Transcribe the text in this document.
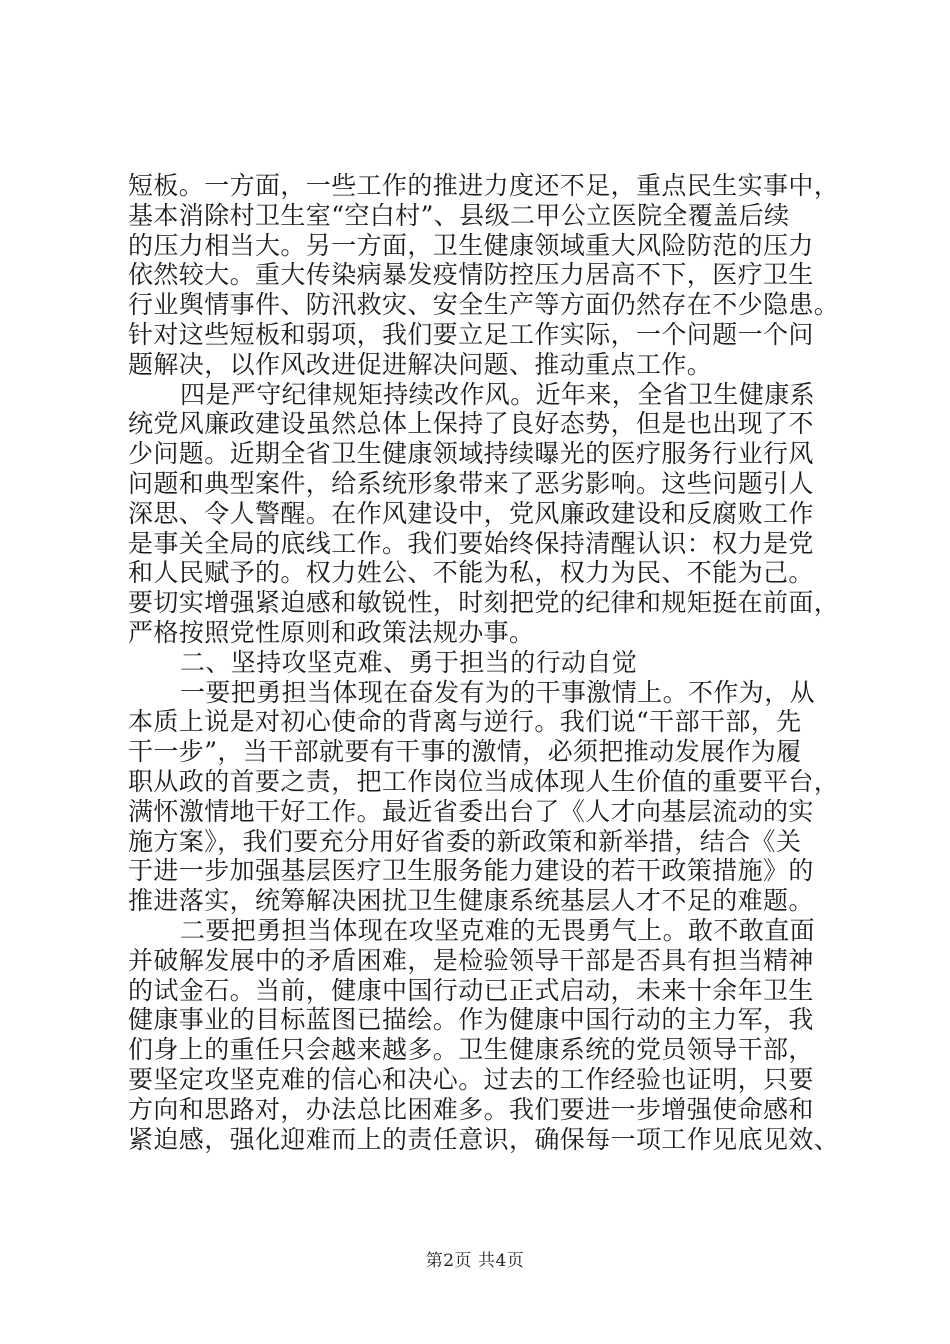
短板。一方面，一些工作的推进力度还不足，重点民生实事中，
基本消除村卫生室“空白村”、县级二甲公立医院全覆盖后续
的压力相当大。另一方面，卫生健康领域重大风险防范的压力
依然较大。重大传染病暴发疫情防控压力居高不下，医疗卫生
行业舆情事件、防汛救灾、安全生产等方面仍然存在不少隐患。
针对这些短板和弱项，我们要立足工作实际，一个问题一个问
题解决，以作风改进促进解决问题、推动重点工作。
四是严守纪律规矩持续改作风。近年来，全省卫生健康系
统党风廉政建设虽然总体上保持了良好态势，但是也出现了不
少问题。近期全省卫生健康领域持续曝光的医疗服务行业行风
问题和典型案件，给系统形象带来了恶劣影响。这些问题引人
深思、令人警醒。在作风建设中，党风廉政建设和反腐败工作
是事关全局的底线工作。我们要始终保持清醒认识：权力是党
和人民赋予的。权力姓公、不能为私，权力为民、不能为己。
要切实增强紧迫感和敏锐性，时刻把党的纪律和规矩挺在前面，
严格按照党性原则和政策法规办事。
二、坚持攻坚克难、勇于担当的行动自觉
一要把勇担当体现在奋发有为的干事激情上。不作为，从
本质上说是对初心使命的背离与逆行。我们说“干部干部，先
干一步”，当干部就要有干事的激情，必须把推动发展作为履
职从政的首要之责，把工作岗位当成体现人生价值的重要平台，
满怀激情地干好工作。最近省委出台了《人才向基层流动的实
施方案》，我们要充分用好省委的新政策和新举措，结合《关
于进一步加强基层医疗卫生服务能力建设的若干政策措施》的
推进落实，统筹解决困扰卫生健康系统基层人才不足的难题。
二要把勇担当体现在攻坚克难的无畏勇气上。敢不敢直面
并破解发展中的矛盾困难，是检验领导干部是否具有担当精神
的试金石。当前，健康中国行动已正式启动，未来十余年卫生
健康事业的目标蓝图已描绘。作为健康中国行动的主力军，我
们身上的重任只会越来越多。卫生健康系统的党员领导干部，
要坚定攻坚克难的信心和决心。过去的工作经验也证明，只要
方向和思路对，办法总比困难多。我们要进一步增强使命感和
紧迫感，强化迎难而上的责任意识，确保每一项工作见底见效、
第2页 共4页
